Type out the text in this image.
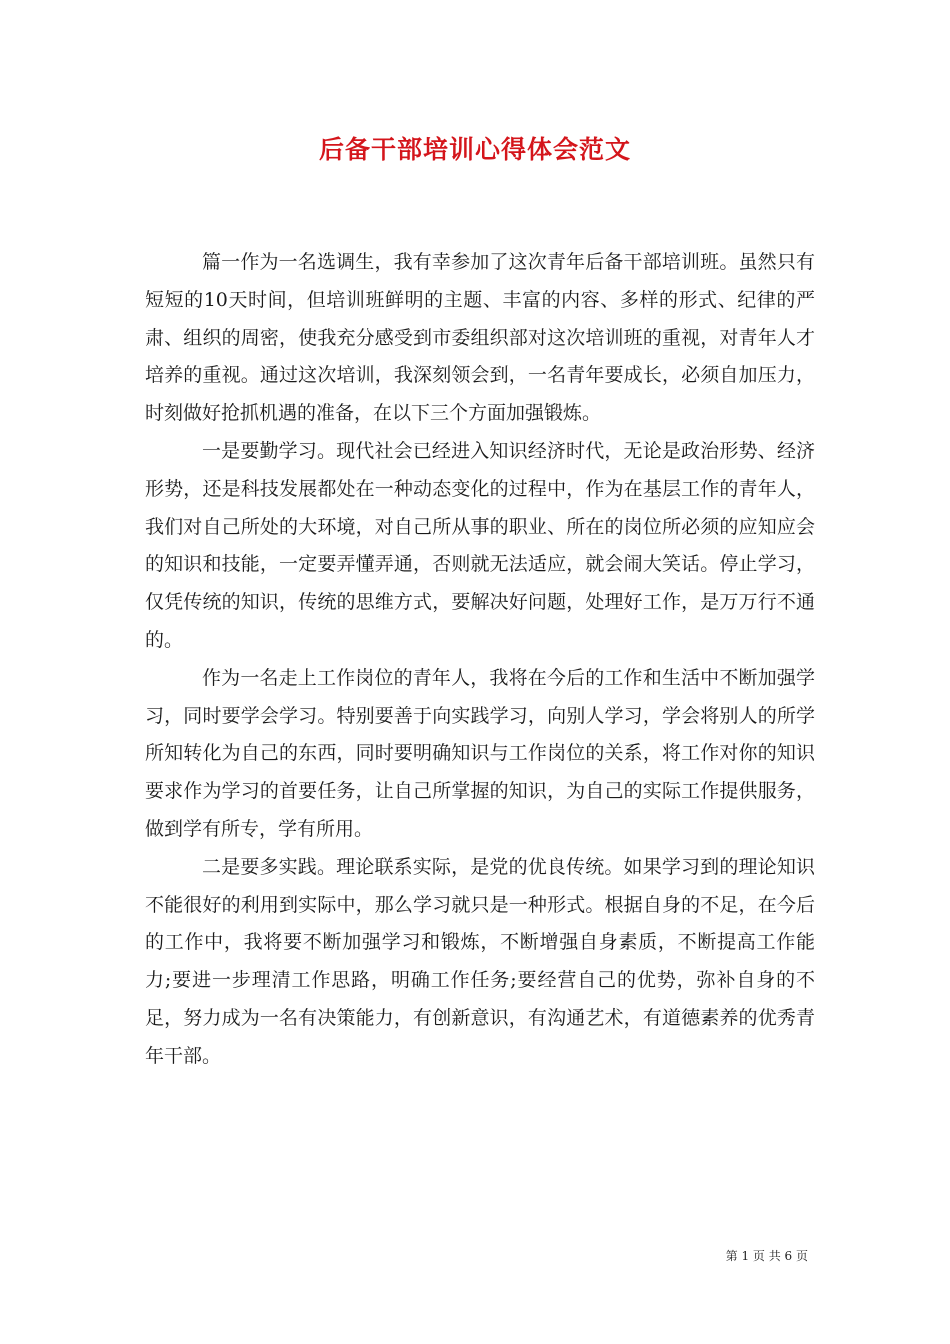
后备干部培训心得体会范文

篇一作为一名选调生，我有幸参加了这次青年后备干部培训班。虽然只有短短的10天时间，但培训班鲜明的主题、丰富的内容、多样的形式、纪律的严肃、组织的周密，使我充分感受到市委组织部对这次培训班的重视，对青年人才培养的重视。通过这次培训，我深刻领会到，一名青年要成长，必须自加压力，时刻做好抢抓机遇的准备，在以下三个方面加强锻炼。

一是要勤学习。现代社会已经进入知识经济时代，无论是政治形势、经济形势，还是科技发展都处在一种动态变化的过程中，作为在基层工作的青年人，我们对自己所处的大环境，对自己所从事的职业、所在的岗位所必须的应知应会的知识和技能，一定要弄懂弄通，否则就无法适应，就会闹大笑话。停止学习，仅凭传统的知识，传统的思维方式，要解决好问题，处理好工作，是万万行不通的。

作为一名走上工作岗位的青年人，我将在今后的工作和生活中不断加强学习，同时要学会学习。特别要善于向实践学习，向别人学习，学会将别人的所学所知转化为自己的东西，同时要明确知识与工作岗位的关系，将工作对你的知识要求作为学习的首要任务，让自己所掌握的知识，为自己的实际工作提供服务，做到学有所专，学有所用。

二是要多实践。理论联系实际，是党的优良传统。如果学习到的理论知识不能很好的利用到实际中，那么学习就只是一种形式。根据自身的不足，在今后的工作中，我将要不断加强学习和锻炼，不断增强自身素质，不断提高工作能力;要进一步理清工作思路，明确工作任务;要经营自己的优势，弥补自身的不足，努力成为一名有决策能力，有创新意识，有沟通艺术，有道德素养的优秀青年干部。

第 1 页 共 6 页
